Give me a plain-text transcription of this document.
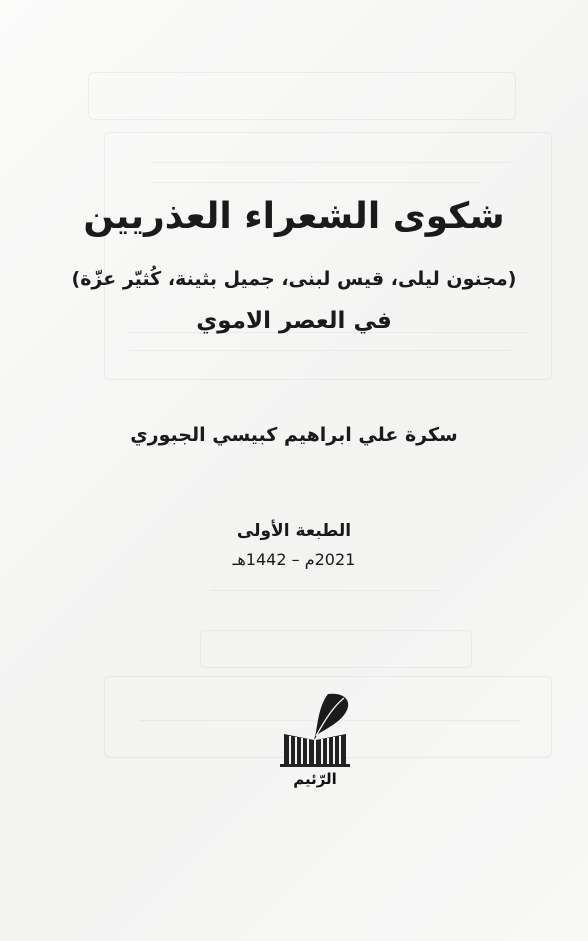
شكوى الشعراء العذريين
(مجنون ليلى، قيس لبنى، جميل بثينة، كُثيّر عزّة)
في العصر الاموي
سكرة علي ابراهيم كبيسي الجبوري
الطبعة الأولى
2021م – 1442هـ
الرّئيم
